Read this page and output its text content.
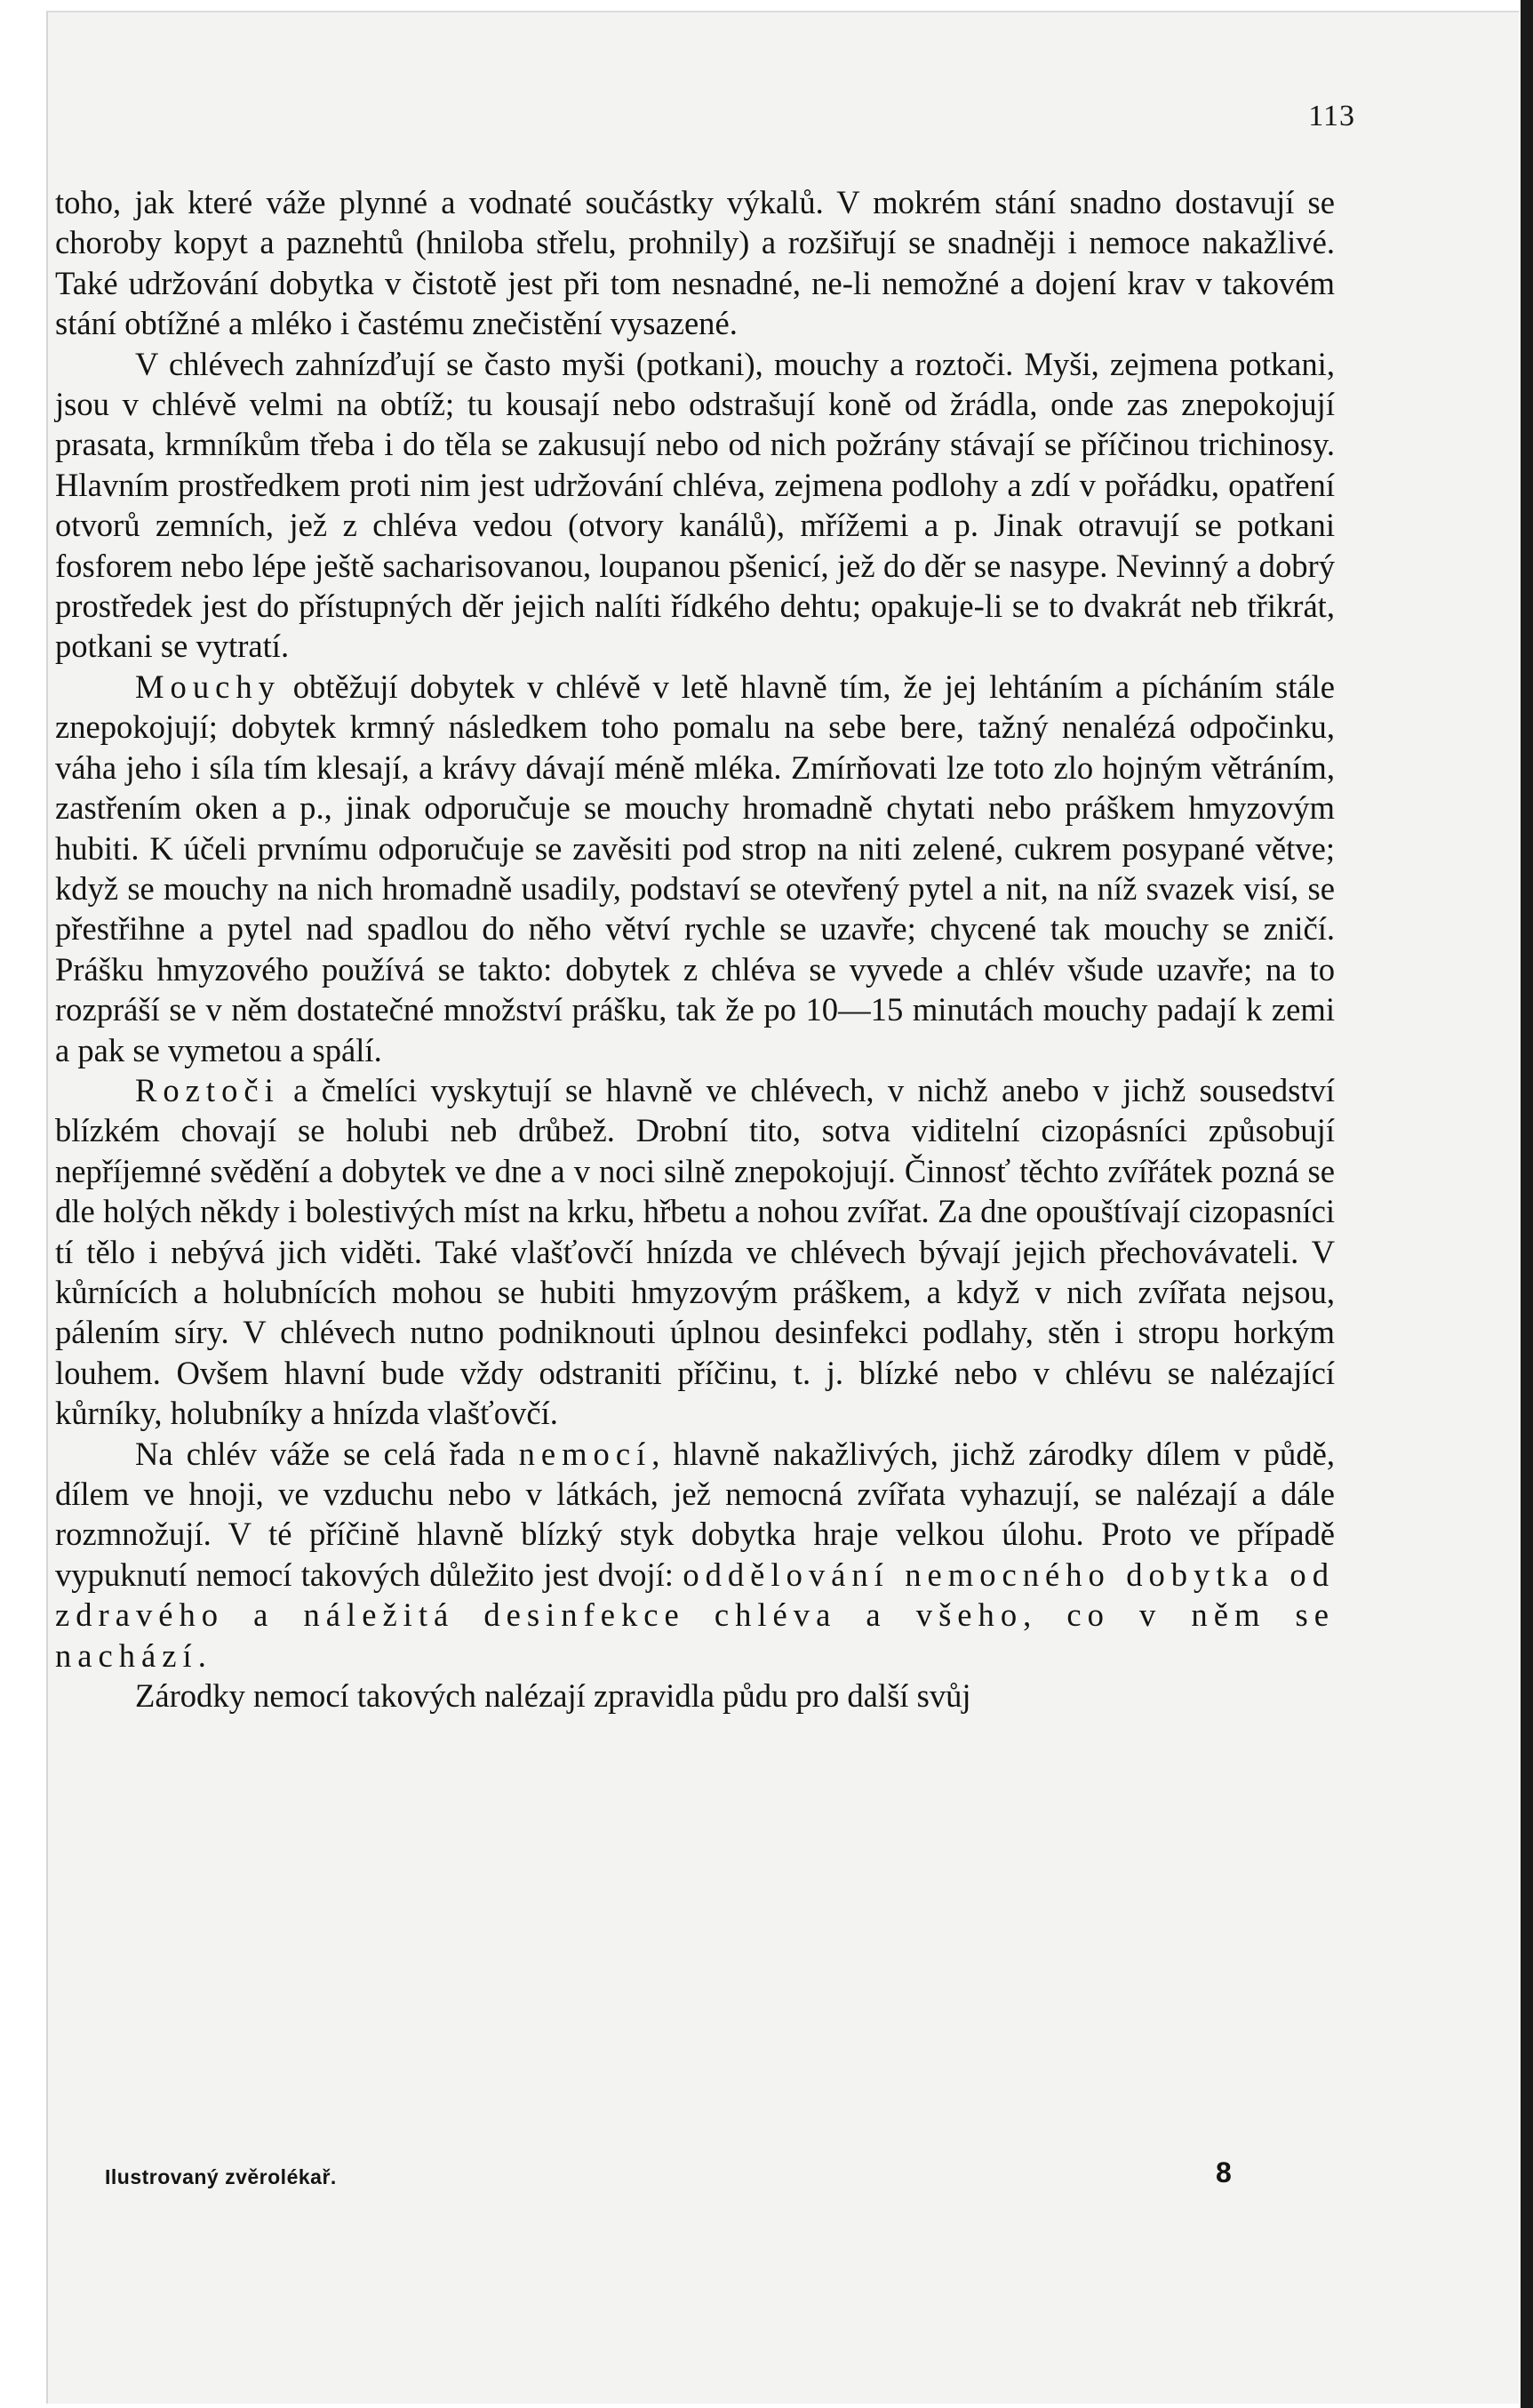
113

toho, jak které váže plynné a vodnaté součástky výkalů. V mokrém stání snadno dostavují se choroby kopyt a paznehtů (hniloba střelu, prohnily) a rozšiřují se snadněji i nemoce nakažlivé. Také udržování dobytka v čistotě jest při tom nesnadné, ne-li nemožné a dojení krav v takovém stání obtížné a mléko i častému znečistění vysazené.

V chlévech zahnízďují se často myši (potkani), mouchy a roztoči. Myši, zejmena potkani, jsou v chlévě velmi na obtíž; tu kousají nebo odstrašují koně od žrádla, onde zas znepokojují prasata, krmníkům třeba i do těla se zakusují nebo od nich požrány stávají se příčinou trichinosy. Hlavním prostředkem proti nim jest udržování chléva, zejmena podlohy a zdí v pořádku, opatření otvorů zemních, jež z chléva vedou (otvory kanálů), mřížemi a p. Jinak otravují se potkani fosforem nebo lépe ještě sacharisovanou, loupanou pšenicí, jež do děr se nasype. Nevinný a dobrý prostředek jest do přístupných děr jejich nalíti řídkého dehtu; opakuje-li se to dvakrát neb třikrát, potkani se vytratí.

Mouchy obtěžují dobytek v chlévě v letě hlavně tím, že jej lehtáním a pícháním stále znepokojují; dobytek krmný následkem toho pomalu na sebe bere, tažný nenalézá odpočinku, váha jeho i síla tím klesají, a krávy dávají méně mléka. Zmírňovati lze toto zlo hojným větráním, zastřením oken a p., jinak odporučuje se mouchy hromadně chytati nebo práškem hmyzovým hubiti. K účeli prvnímu odporučuje se zavěsiti pod strop na niti zelené, cukrem posypané větve; když se mouchy na nich hromadně usadily, podstaví se otevřený pytel a nit, na níž svazek visí, se přestřihne a pytel nad spadlou do něho větví rychle se uzavře; chycené tak mouchy se zničí. Prášku hmyzového používá se takto: dobytek z chléva se vyvede a chlév všude uzavře; na to rozpráší se v něm dostatečné množství prášku, tak že po 10—15 minutách mouchy padají k zemi a pak se vymetou a spálí.

Roztoči a čmelíci vyskytují se hlavně ve chlévech, v nichž anebo v jichž sousedství blízkém chovají se holubi neb drůbež. Drobní tito, sotva viditelní cizopásníci způsobují nepříjemné svědění a dobytek ve dne a v noci silně znepokojují. Činnosť těchto zvířátek pozná se dle holých někdy i bolestivých míst na krku, hřbetu a nohou zvířat. Za dne opouštívají cizopasníci tí tělo i nebývá jich viděti. Také vlašťovčí hnízda ve chlévech bývají jejich přechovávateli. V kůrnících a holubnících mohou se hubiti hmyzovým práškem, a když v nich zvířata nejsou, pálením síry. V chlévech nutno podniknouti úplnou desinfekci podlahy, stěn i stropu horkým louhem. Ovšem hlavní bude vždy odstraniti příčinu, t. j. blízké nebo v chlévu se nalézající kůrníky, holubníky a hnízda vlašťovčí.

Na chlév váže se celá řada nemocí, hlavně nakažlivých, jichž zárodky dílem v půdě, dílem ve hnoji, ve vzduchu nebo v látkách, jež nemocná zvířata vyhazují, se nalézají a dále rozmnožují. V té příčině hlavně blízký styk dobytka hraje velkou úlohu. Proto ve případě vypuknutí nemocí takových důležito jest dvojí: oddělování nemocného dobytka od zdravého a náležitá desinfekce chléva a všeho, co v něm se nachází.

Zárodky nemocí takových nalézají zpravidla půdu pro další svůj

Ilustrovaný zvěrolékař.	8
